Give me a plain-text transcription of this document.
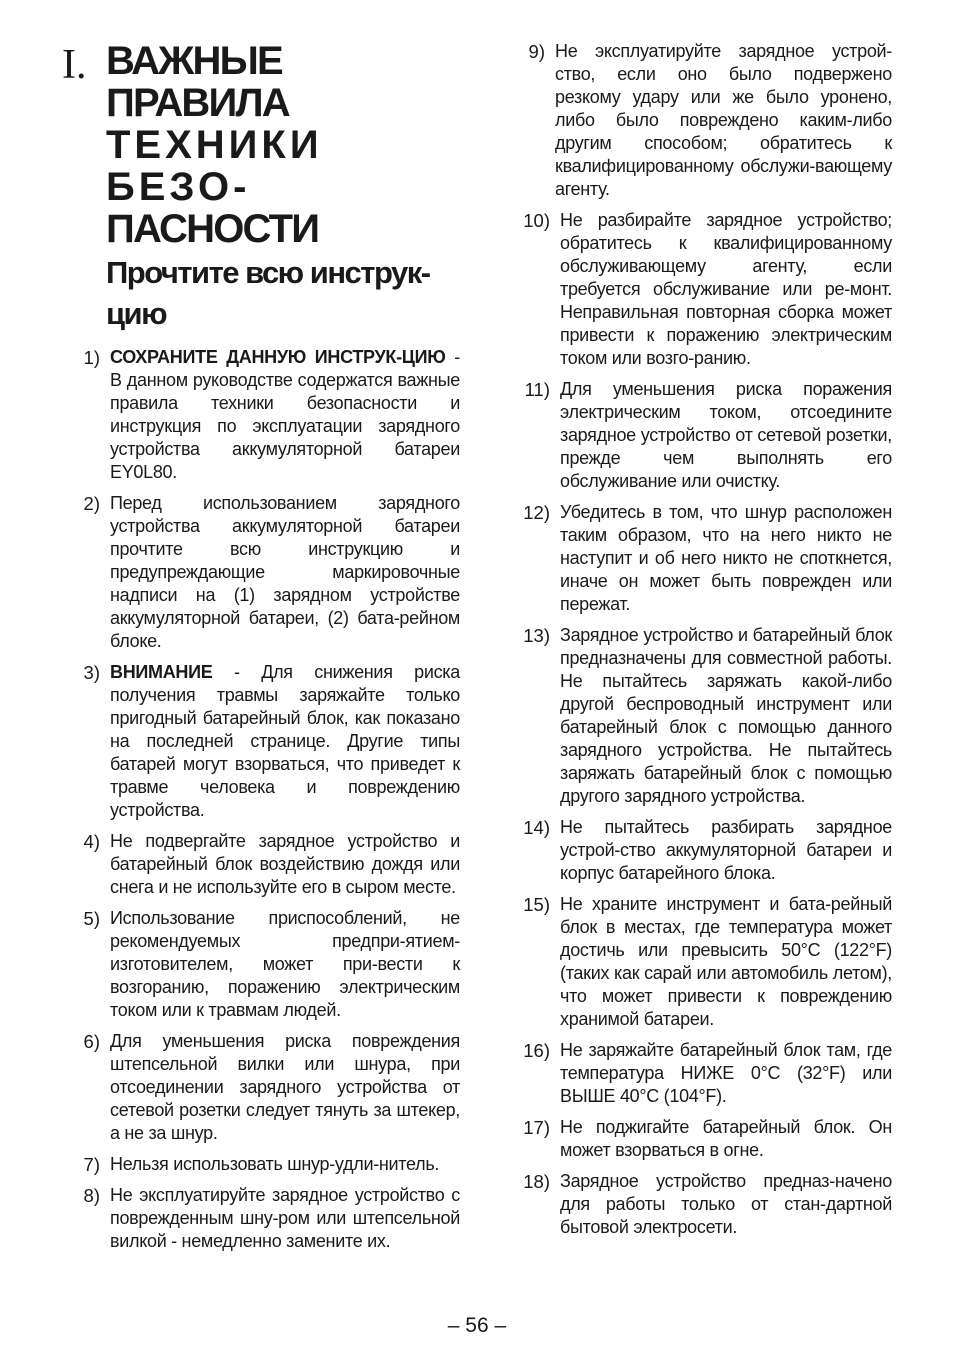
I. ВАЖНЫЕ ПРАВИЛА
ТЕХНИКИ БЕЗО-
ПАСНОСТИ
Прочтите всю инструк-
цию
1) СОХРАНИТЕ ДАННУЮ ИНСТРУК-ЦИЮ - В данном руководстве содержатся важные правила техники безопасности и инструкция по эксплуатации зарядного устройства аккумуляторной батареи EY0L80.
2) Перед использованием зарядного устройства аккумуляторной батареи прочтите всю инструкцию и предупреждающие маркировочные надписи на (1) зарядном устройстве аккумуляторной батареи, (2) бата-рейном блоке.
3) ВНИМАНИЕ - Для снижения риска получения травмы заряжайте только пригодный батарейный блок, как показано на последней странице. Другие типы батарей могут взорваться, что приведет к травме человека и повреждению устройства.
4) Не подвергайте зарядное устройство и батарейный блок воздействию дождя или снега и не используйте его в сыром месте.
5) Использование приспособлений, не рекомендуемых предпри-ятием-изготовителем, может при-вести к возгоранию, поражению электрическим током или к травмам людей.
6) Для уменьшения риска повреждения штепсельной вилки или шнура, при отсоединении зарядного устройства от сетевой розетки следует тянуть за штекер, а не за шнур.
7) Нельзя использовать шнур-удли-нитель.
8) Не эксплуатируйте зарядное устройство с поврежденным шну-ром или штепсельной вилкой - немедленно замените их.
9) Не эксплуатируйте зарядное устрой-ство, если оно было подвержено резкому удару или же было уронено, либо было повреждено каким-либо другим способом; обратитесь к квалифицированному обслужи-вающему агенту.
10) Не разбирайте зарядное устройство; обратитесь к квалифицированному обслуживающему агенту, если требуется обслуживание или ре-монт. Неправильная повторная сборка может привести к поражению электрическим током или возго-ранию.
11) Для уменьшения риска поражения электрическим током, отсоедините зарядное устройство от сетевой розетки, прежде чем выполнять его обслуживание или очистку.
12) Убедитесь в том, что шнур расположен таким образом, что на него никто не наступит и об него никто не споткнется, иначе он может быть поврежден или пережат.
13) Зарядное устройство и батарейный блок предназначены для совместной работы. Не пытайтесь заряжать какой-либо другой беспроводный инструмент или батарейный блок с помощью данного зарядного устройства. Не пытайтесь заряжать батарейный блок с помощью другого зарядного устройства.
14) Не пытайтесь разбирать зарядное устрой-ство аккумуляторной батареи и корпус батарейного блока.
15) Не храните инструмент и бата-рейный блок в местах, где температура может достичь или превысить 50°C (122°F) (таких как сарай или автомобиль летом), что может привести к повреждению хранимой батареи.
16) Не заряжайте батарейный блок там, где температура НИЖЕ 0°C (32°F) или ВЫШЕ 40°C (104°F).
17) Не поджигайте батарейный блок. Он может взорваться в огне.
18) Зарядное устройство предназ-начено для работы только от стан-дартной бытовой электросети.
– 56 –
